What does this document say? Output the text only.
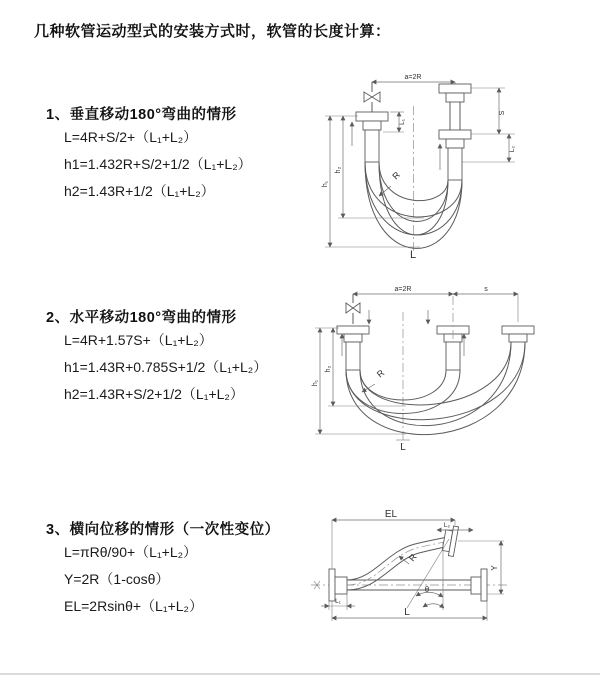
几种软管运动型式的安装方式时，软管的长度计算：
1、垂直移动180°弯曲的情形
L=4R+S/2+（L₁+L₂）
h1=1.432R+S/2+1/2（L₁+L₂）
h2=1.43R+1/2（L₁+L₂）
2、水平移动180°弯曲的情形
L=4R+1.57S+（L₁+L₂）
h1=1.43R+0.785S+1/2（L₁+L₂）
h2=1.43R+S/2+1/2（L₁+L₂）
3、横向位移的情形（一次性变位）
L=πRθ/90+（L₁+L₂）
Y=2R（1-cosθ）
EL=2Rsinθ+（L₁+L₂）
a=2R
R
h₁
h₂
L₁
S
L₂
L
a=2R	s
h₁
h₂	R
L
EL
L₂
R
θ
Y
L₁
L
